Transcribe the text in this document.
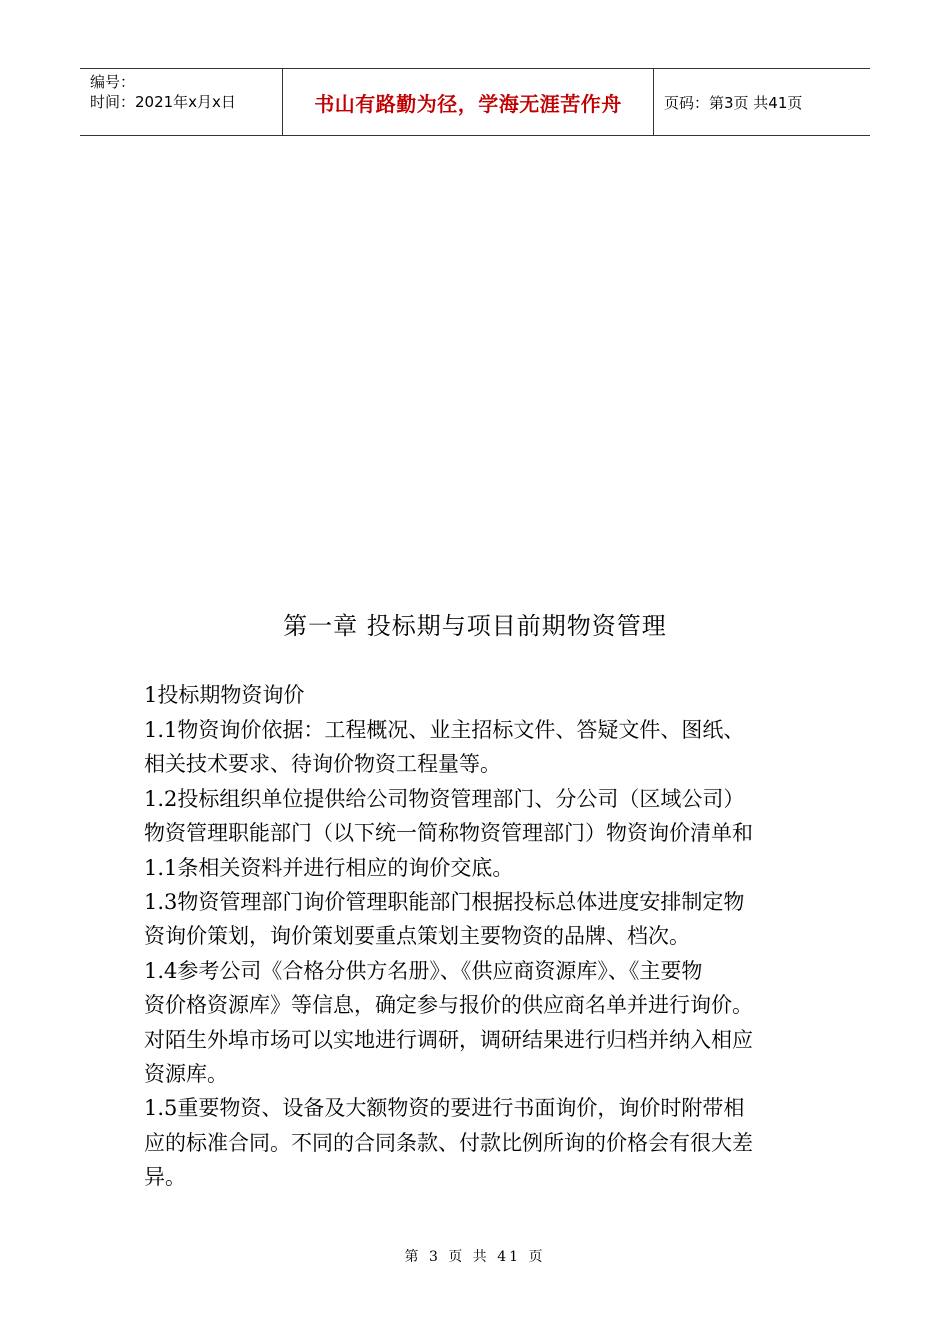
编号：
时间：2021年x月x日	书山有路勤为径，学海无涯苦作舟	页码：第3页 共41页
第一章 投标期与项目前期物资管理
1投标期物资询价
1.1物资询价依据：工程概况、业主招标文件、答疑文件、图纸、
相关技术要求、待询价物资工程量等。
1.2投标组织单位提供给公司物资管理部门、分公司（区域公司）
物资管理职能部门（以下统一简称物资管理部门）物资询价清单和
1.1条相关资料并进行相应的询价交底。
1.3物资管理部门询价管理职能部门根据投标总体进度安排制定物
资询价策划，询价策划要重点策划主要物资的品牌、档次。
1.4参考公司《合格分供方名册》、《供应商资源库》、《主要物
资价格资源库》等信息，确定参与报价的供应商名单并进行询价。
对陌生外埠市场可以实地进行调研，调研结果进行归档并纳入相应
资源库。
1.5重要物资、设备及大额物资的要进行书面询价，询价时附带相
应的标准合同。不同的合同条款、付款比例所询的价格会有很大差
异。
第 3 页 共 41 页
